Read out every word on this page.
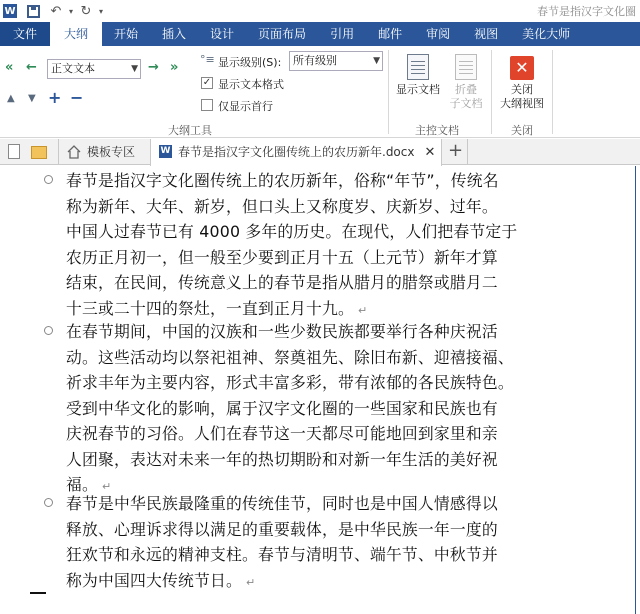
W	↶ ▾ ↻ ▾	春节是指汉字文化圈
文件	大纲	开始	插入	设计	页面布局	引用	邮件	审阅	视图	美化大师
« ←	正文文本	▼ → »
▲ ▼ + −
°≡ 显示级别(S):	所有级别	▼
✓ 显示文本格式
仅显示首行
大纲工具
显示文档	折叠
子文档
主控文档
✕
关闭
大纲视图
关闭
模板专区	W 春节是指汉字文化圈传统上的农历新年.docx ✕ +
春节是指汉字文化圈传统上的农历新年，俗称“年节”，传统名
称为新年、大年、新岁，但口头上又称度岁、庆新岁、过年。
中国人过春节已有 4000 多年的历史。在现代，人们把春节定于
农历正月初一，但一般至少要到正月十五（上元节）新年才算
结束，在民间，传统意义上的春节是指从腊月的腊祭或腊月二
十三或二十四的祭灶，一直到正月十九。 ↵
在春节期间，中国的汉族和一些少数民族都要举行各种庆祝活
动。这些活动均以祭祀祖神、祭奠祖先、除旧布新、迎禧接福、
祈求丰年为主要内容，形式丰富多彩，带有浓郁的各民族特色。
受到中华文化的影响，属于汉字文化圈的一些国家和民族也有
庆祝春节的习俗。人们在春节这一天都尽可能地回到家里和亲
人团聚，表达对未来一年的热切期盼和对新一年生活的美好祝
福。 ↵
春节是中华民族最隆重的传统佳节，同时也是中国人情感得以
释放、心理诉求得以满足的重要载体，是中华民族一年一度的
狂欢节和永远的精神支柱。春节与清明节、端午节、中秋节并
称为中国四大传统节日。 ↵
